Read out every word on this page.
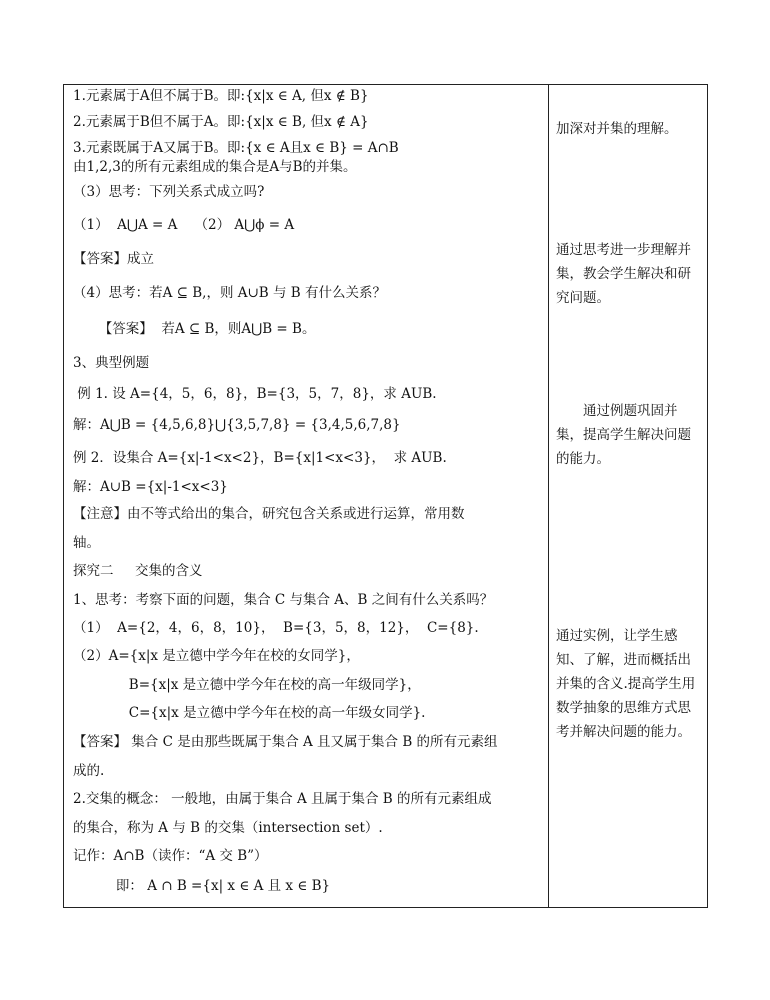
1.元素属于A但不属于B。即:{x|x ∈ A, 但x ∉ B}
2.元素属于B但不属于A。即:{x|x ∈ B, 但x ∉ A}
3.元素既属于A又属于B。即:{x ∈ A且x ∈ B} = A∩B
由1,2,3的所有元素组成的集合是A与B的并集。
（3）思考：下列关系式成立吗?
（1）  A⋃A = A    （2） A⋃ϕ = A
【答案】成立
（4）思考：若A ⊆ B,，则 A∪B 与 B 有什么关系？
【答案】  若A ⊆ B，则A⋃B = B。
3、典型例题
例 1. 设 A={4，5，6，8}，B={3，5，7，8}，求 AUB.
解：A⋃B = {4,5,6,8}⋃{3,5,7,8} = {3,4,5,6,7,8}
例 2．设集合 A={x|-1<x<2}，B={x|1<x<3}，  求 AUB.
解：A∪B ={x|-1<x<3}
【注意】由不等式给出的集合，研究包含关系或进行运算，常用数
轴。
探究二     交集的含义
1、思考：考察下面的问题，集合 C 与集合 A、B 之间有什么关系吗？
（1）  A={2，4，6，8，10}，  B={3，5，8，12}，  C={8}.
（2）A={x|x 是立德中学今年在校的女同学}，
B={x|x 是立德中学今年在校的高一年级同学}，
C={x|x 是立德中学今年在校的高一年级女同学}.
【答案】 集合 C 是由那些既属于集合 A 且又属于集合 B 的所有元素组
成的.
2.交集的概念： 一般地，由属于集合 A 且属于集合 B 的所有元素组成
的集合，称为 A 与 B 的交集（intersection set）.
记作：A∩B（读作：“A 交 B”）
即： A ∩ B ={x| x ∈ A 且 x ∈ B}

加深对并集的理解。

通过思考进一步理解并集，教会学生解决和研究问题。

通过例题巩固并集，提高学生解决问题的能力。

通过实例，让学生感知、了解，进而概括出并集的含义.提高学生用数学抽象的思维方式思考并解决问题的能力。
